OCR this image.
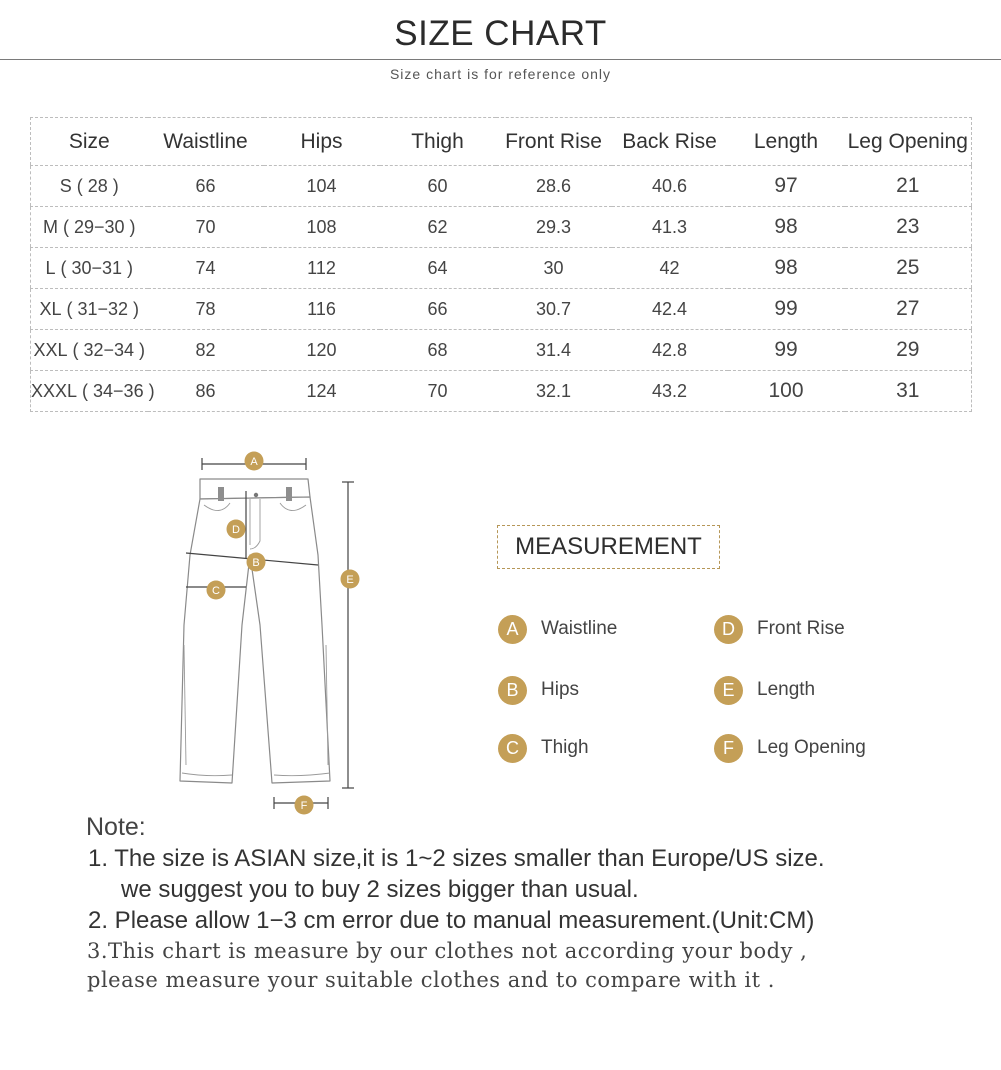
SIZE CHART
Size chart is for reference only
Size	Waistline	Hips	Thigh	Front Rise	Back Rise	Length	Leg Opening
S ( 28 )	66	104	60	28.6	40.6	97	21
M ( 29−30 )	70	108	62	29.3	41.3	98	23
L ( 30−31 )	74	112	64	30	42	98	25
XL ( 31−32 )	78	116	66	30.7	42.4	99	27
XXL ( 32−34 )	82	120	68	31.4	42.8	99	29
XXXL ( 34−36 )	86	124	70	32.1	43.2	100	31
A
D
B
C
E
F
MEASUREMENT
A	Waistline
B	Hips
C	Thigh
D	Front Rise
E	Length
F	Leg Opening
Note:
1. The size is ASIAN size,it is 1~2 sizes smaller than Europe/US size.
we suggest you to buy 2 sizes bigger than usual.
2. Please allow 1−3 cm error due to manual measurement.(Unit:CM)
3.This chart is measure by our clothes not according your body ,
please measure your suitable clothes and to compare with it .
